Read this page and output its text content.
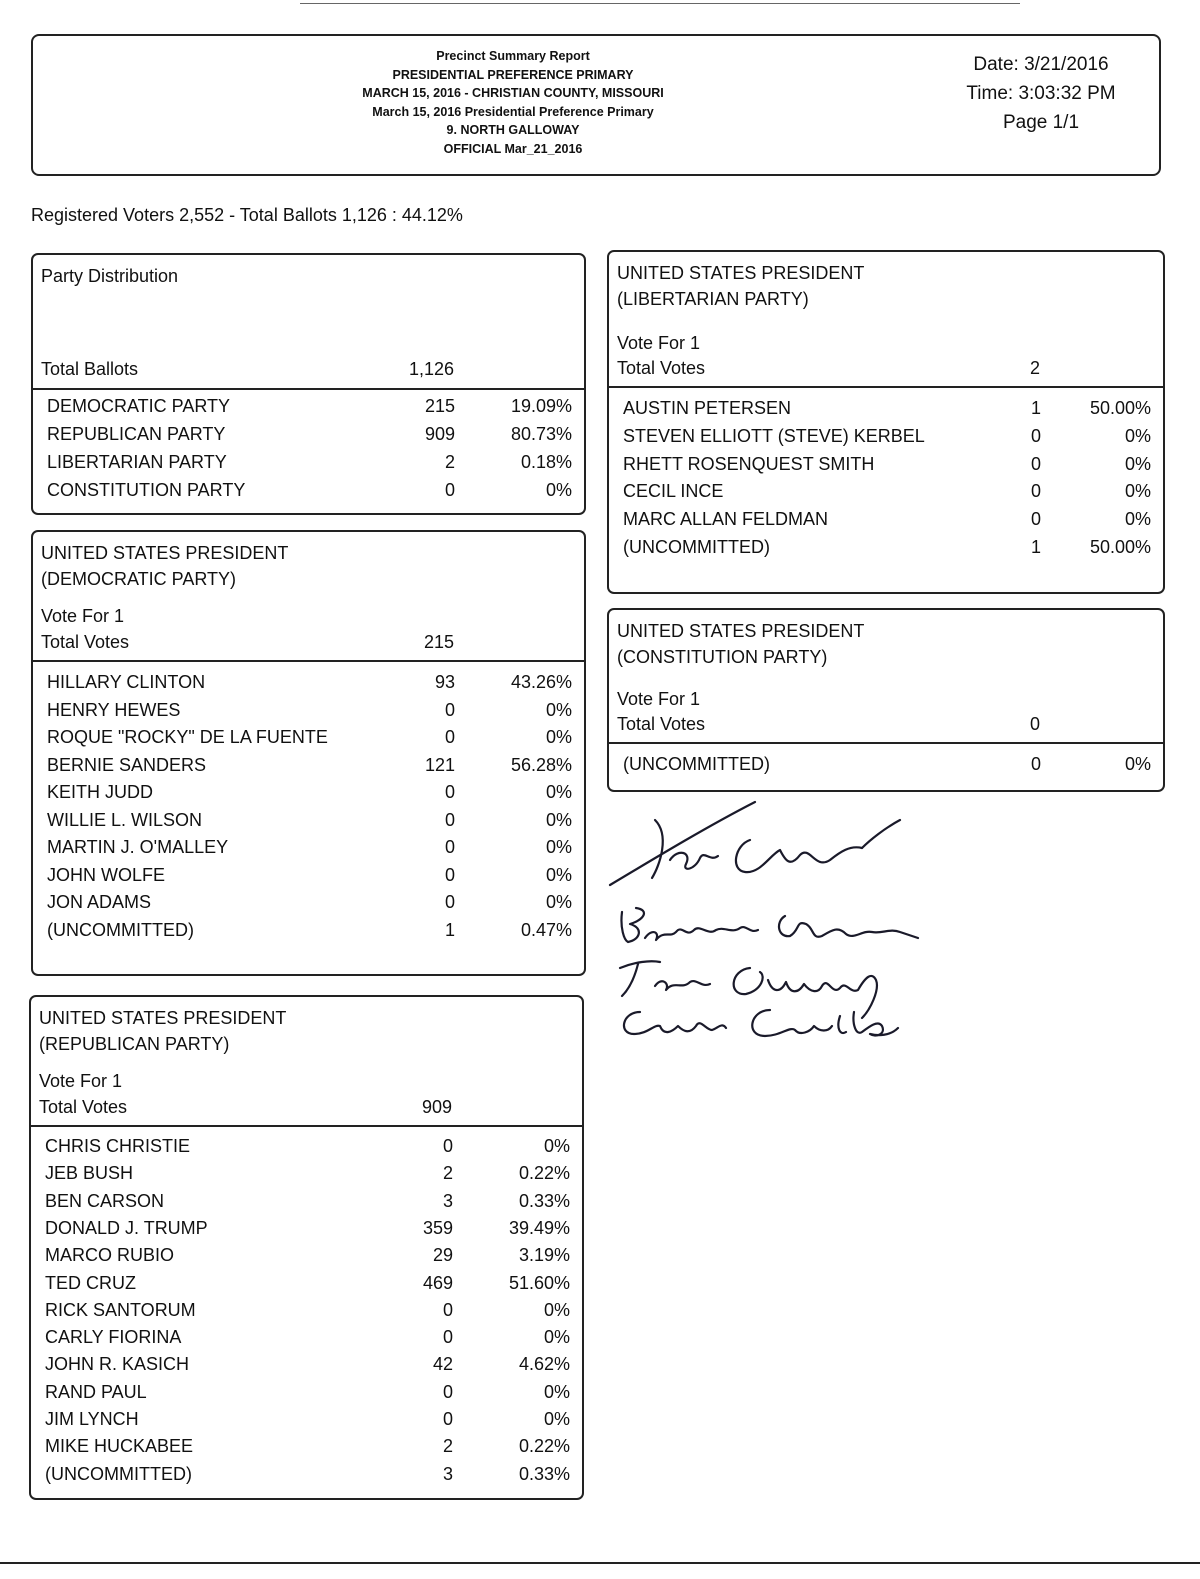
Precinct Summary Report
PRESIDENTIAL PREFERENCE PRIMARY
MARCH 15, 2016 - CHRISTIAN COUNTY, MISSOURI
March 15, 2016 Presidential Preference Primary
9. NORTH GALLOWAY
OFFICIAL Mar_21_2016
Date: 3/21/2016
Time: 3:03:32 PM
Page 1/1
Registered Voters 2,552 - Total Ballots 1,126 : 44.12%
Party Distribution
Total Ballots	1,126
DEMOCRATIC PARTY	215	19.09%
REPUBLICAN PARTY	909	80.73%
LIBERTARIAN PARTY	2	0.18%
CONSTITUTION PARTY	0	0%
UNITED STATES PRESIDENT
(DEMOCRATIC PARTY)
Vote For 1
Total Votes	215
HILLARY CLINTON	93	43.26%
HENRY HEWES	0	0%
ROQUE "ROCKY" DE LA FUENTE	0	0%
BERNIE SANDERS	121	56.28%
KEITH JUDD	0	0%
WILLIE L. WILSON	0	0%
MARTIN J. O'MALLEY	0	0%
JOHN WOLFE	0	0%
JON ADAMS	0	0%
(UNCOMMITTED)	1	0.47%
UNITED STATES PRESIDENT
(REPUBLICAN PARTY)
Vote For 1
Total Votes	909
CHRIS CHRISTIE	0	0%
JEB BUSH	2	0.22%
BEN CARSON	3	0.33%
DONALD J. TRUMP	359	39.49%
MARCO RUBIO	29	3.19%
TED CRUZ	469	51.60%
RICK SANTORUM	0	0%
CARLY FIORINA	0	0%
JOHN R. KASICH	42	4.62%
RAND PAUL	0	0%
JIM LYNCH	0	0%
MIKE HUCKABEE	2	0.22%
(UNCOMMITTED)	3	0.33%
UNITED STATES PRESIDENT
(LIBERTARIAN PARTY)
Vote For 1
Total Votes	2
AUSTIN PETERSEN	1	50.00%
STEVEN ELLIOTT (STEVE) KERBEL	0	0%
RHETT ROSENQUEST SMITH	0	0%
CECIL INCE	0	0%
MARC ALLAN FELDMAN	0	0%
(UNCOMMITTED)	1	50.00%
UNITED STATES PRESIDENT
(CONSTITUTION PARTY)
Vote For 1
Total Votes	0
(UNCOMMITTED)	0	0%
